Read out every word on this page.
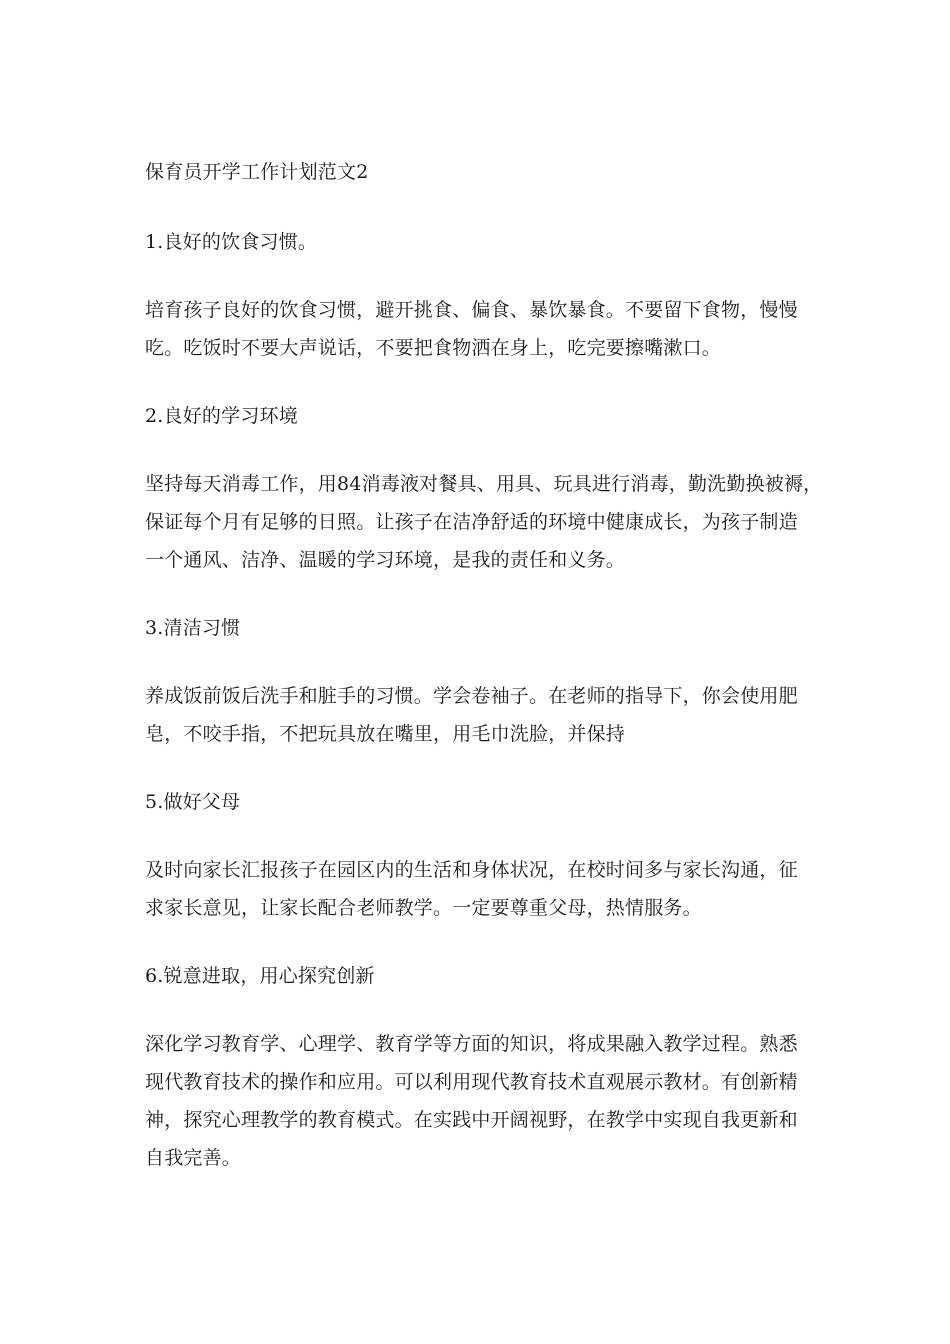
保育员开学工作计划范文2
1.良好的饮食习惯。
培育孩子良好的饮食习惯，避开挑食、偏食、暴饮暴食。不要留下食物，慢慢
吃。吃饭时不要大声说话，不要把食物洒在身上，吃完要擦嘴漱口。
2.良好的学习环境
坚持每天消毒工作，用84消毒液对餐具、用具、玩具进行消毒，勤洗勤换被褥，
保证每个月有足够的日照。让孩子在洁净舒适的环境中健康成长，为孩子制造
一个通风、洁净、温暖的学习环境，是我的责任和义务。
3.清洁习惯
养成饭前饭后洗手和脏手的习惯。学会卷袖子。在老师的指导下，你会使用肥
皂，不咬手指，不把玩具放在嘴里，用毛巾洗脸，并保持
5.做好父母
及时向家长汇报孩子在园区内的生活和身体状况，在校时间多与家长沟通，征
求家长意见，让家长配合老师教学。一定要尊重父母，热情服务。
6.锐意进取，用心探究创新
深化学习教育学、心理学、教育学等方面的知识，将成果融入教学过程。熟悉
现代教育技术的操作和应用。可以利用现代教育技术直观展示教材。有创新精
神，探究心理教学的教育模式。在实践中开阔视野，在教学中实现自我更新和
自我完善。
